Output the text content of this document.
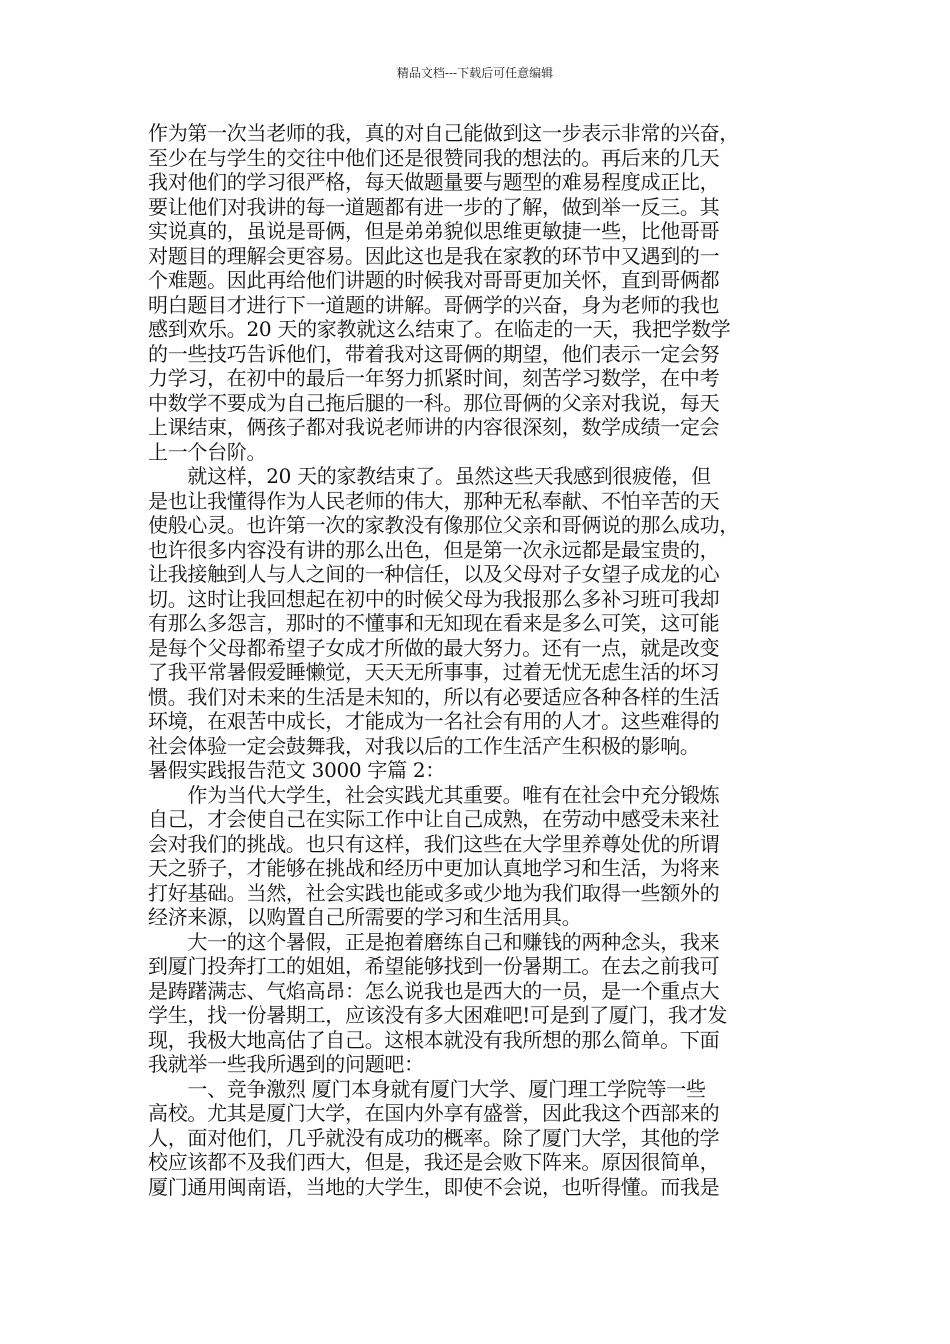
精品文档---下载后可任意编辑
作为第一次当老师的我，真的对自己能做到这一步表示非常的兴奋，
至少在与学生的交往中他们还是很赞同我的想法的。再后来的几天
我对他们的学习很严格，每天做题量要与题型的难易程度成正比，
要让他们对我讲的每一道题都有进一步的了解，做到举一反三。其
实说真的，虽说是哥俩，但是弟弟貌似思维更敏捷一些，比他哥哥
对题目的理解会更容易。因此这也是我在家教的环节中又遇到的一
个难题。因此再给他们讲题的时候我对哥哥更加关怀，直到哥俩都
明白题目才进行下一道题的讲解。哥俩学的兴奋，身为老师的我也
感到欢乐。20 天的家教就这么结束了。在临走的一天，我把学数学
的一些技巧告诉他们，带着我对这哥俩的期望，他们表示一定会努
力学习，在初中的最后一年努力抓紧时间，刻苦学习数学，在中考
中数学不要成为自己拖后腿的一科。那位哥俩的父亲对我说，每天
上课结束，俩孩子都对我说老师讲的内容很深刻，数学成绩一定会
上一个台阶。
　　就这样，20 天的家教结束了。虽然这些天我感到很疲倦，但
是也让我懂得作为人民老师的伟大，那种无私奉献、不怕辛苦的天
使般心灵。也许第一次的家教没有像那位父亲和哥俩说的那么成功，
也许很多内容没有讲的那么出色，但是第一次永远都是最宝贵的，
让我接触到人与人之间的一种信任，以及父母对子女望子成龙的心
切。这时让我回想起在初中的时候父母为我报那么多补习班可我却
有那么多怨言，那时的不懂事和无知现在看来是多么可笑，这可能
是每个父母都希望子女成才所做的最大努力。还有一点，就是改变
了我平常暑假爱睡懒觉，天天无所事事，过着无忧无虑生活的坏习
惯。我们对未来的生活是未知的，所以有必要适应各种各样的生活
环境，在艰苦中成长，才能成为一名社会有用的人才。这些难得的
社会体验一定会鼓舞我，对我以后的工作生活产生积极的影响。
暑假实践报告范文 3000 字篇 2：
　　作为当代大学生，社会实践尤其重要。唯有在社会中充分锻炼
自己，才会使自己在实际工作中让自己成熟，在劳动中感受未来社
会对我们的挑战。也只有这样，我们这些在大学里养尊处优的所谓
天之骄子，才能够在挑战和经历中更加认真地学习和生活，为将来
打好基础。当然，社会实践也能或多或少地为我们取得一些额外的
经济来源，以购置自己所需要的学习和生活用具。
　　大一的这个暑假，正是抱着磨练自己和赚钱的两种念头，我来
到厦门投奔打工的姐姐，希望能够找到一份暑期工。在去之前我可
是踌躇满志、气焰高昂：怎么说我也是西大的一员，是一个重点大
学生，找一份暑期工，应该没有多大困难吧!可是到了厦门，我才发
现，我极大地高估了自己。这根本就没有我所想的那么简单。下面
我就举一些我所遇到的问题吧：
　　一、竞争激烈 厦门本身就有厦门大学、厦门理工学院等一些
高校。尤其是厦门大学，在国内外享有盛誉，因此我这个西部来的
人，面对他们，几乎就没有成功的概率。除了厦门大学，其他的学
校应该都不及我们西大，但是，我还是会败下阵来。原因很简单，
厦门通用闽南语，当地的大学生，即使不会说，也听得懂。而我是
